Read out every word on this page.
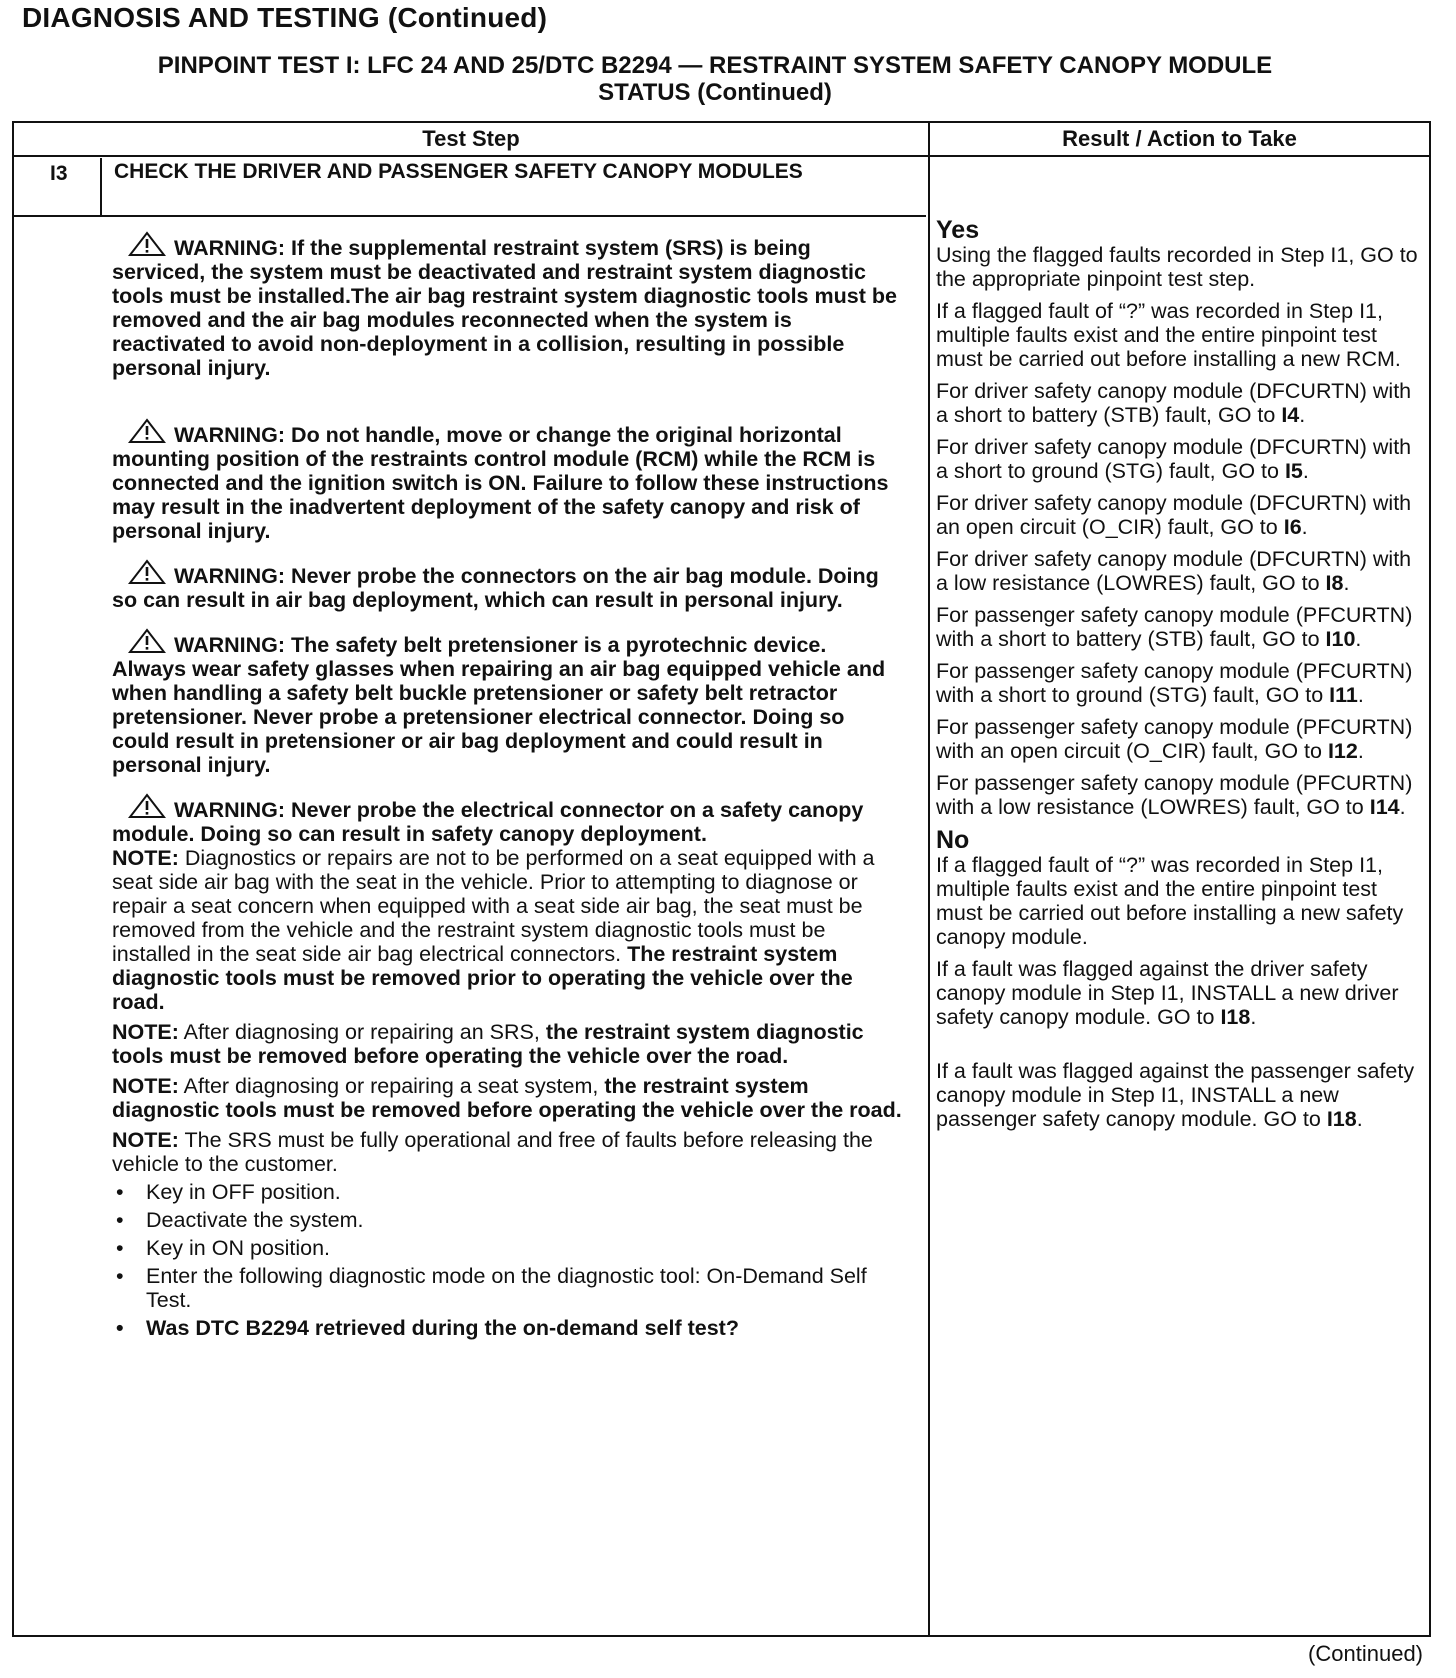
DIAGNOSIS AND TESTING (Continued)
PINPOINT TEST I: LFC 24 AND 25/DTC B2294 — RESTRAINT SYSTEM SAFETY CANOPY MODULE
STATUS (Continued)
Test Step	Result / Action to Take
I3	CHECK THE DRIVER AND PASSENGER SAFETY CANOPY MODULES

WARNING: If the supplemental restraint system (SRS) is being serviced, the system must be deactivated and restraint system diagnostic tools must be installed.The air bag restraint system diagnostic tools must be removed and the air bag modules reconnected when the system is reactivated to avoid non-deployment in a collision, resulting in possible personal injury.

WARNING: Do not handle, move or change the original horizontal mounting position of the restraints control module (RCM) while the RCM is connected and the ignition switch is ON. Failure to follow these instructions may result in the inadvertent deployment of the safety canopy and risk of personal injury.

WARNING: Never probe the connectors on the air bag module. Doing so can result in air bag deployment, which can result in personal injury.

WARNING: The safety belt pretensioner is a pyrotechnic device. Always wear safety glasses when repairing an air bag equipped vehicle and when handling a safety belt buckle pretensioner or safety belt retractor pretensioner. Never probe a pretensioner electrical connector. Doing so could result in pretensioner or air bag deployment and could result in personal injury.

WARNING: Never probe the electrical connector on a safety canopy module. Doing so can result in safety canopy deployment.

NOTE: Diagnostics or repairs are not to be performed on a seat equipped with a seat side air bag with the seat in the vehicle. Prior to attempting to diagnose or repair a seat concern when equipped with a seat side air bag, the seat must be removed from the vehicle and the restraint system diagnostic tools must be installed in the seat side air bag electrical connectors. The restraint system diagnostic tools must be removed prior to operating the vehicle over the road.

NOTE: After diagnosing or repairing an SRS, the restraint system diagnostic tools must be removed before operating the vehicle over the road.

NOTE: After diagnosing or repairing a seat system, the restraint system diagnostic tools must be removed before operating the vehicle over the road.

NOTE: The SRS must be fully operational and free of faults before releasing the vehicle to the customer.

• Key in OFF position.
• Deactivate the system.
• Key in ON position.
• Enter the following diagnostic mode on the diagnostic tool: On-Demand Self Test.
• Was DTC B2294 retrieved during the on-demand self test?
Yes

Using the flagged faults recorded in Step I1, GO to the appropriate pinpoint test step.

If a flagged fault of “?” was recorded in Step I1, multiple faults exist and the entire pinpoint test must be carried out before installing a new RCM.

For driver safety canopy module (DFCURTN) with a short to battery (STB) fault, GO to I4.

For driver safety canopy module (DFCURTN) with a short to ground (STG) fault, GO to I5.

For driver safety canopy module (DFCURTN) with an open circuit (O_CIR) fault, GO to I6.

For driver safety canopy module (DFCURTN) with a low resistance (LOWRES) fault, GO to I8.

For passenger safety canopy module (PFCURTN) with a short to battery (STB) fault, GO to I10.

For passenger safety canopy module (PFCURTN) with a short to ground (STG) fault, GO to I11.

For passenger safety canopy module (PFCURTN) with an open circuit (O_CIR) fault, GO to I12.

For passenger safety canopy module (PFCURTN) with a low resistance (LOWRES) fault, GO to I14.

No

If a flagged fault of “?” was recorded in Step I1, multiple faults exist and the entire pinpoint test must be carried out before installing a new safety canopy module.

If a fault was flagged against the driver safety canopy module in Step I1, INSTALL a new driver safety canopy module. GO to I18.

If a fault was flagged against the passenger safety canopy module in Step I1, INSTALL a new passenger safety canopy module. GO to I18.

(Continued)
